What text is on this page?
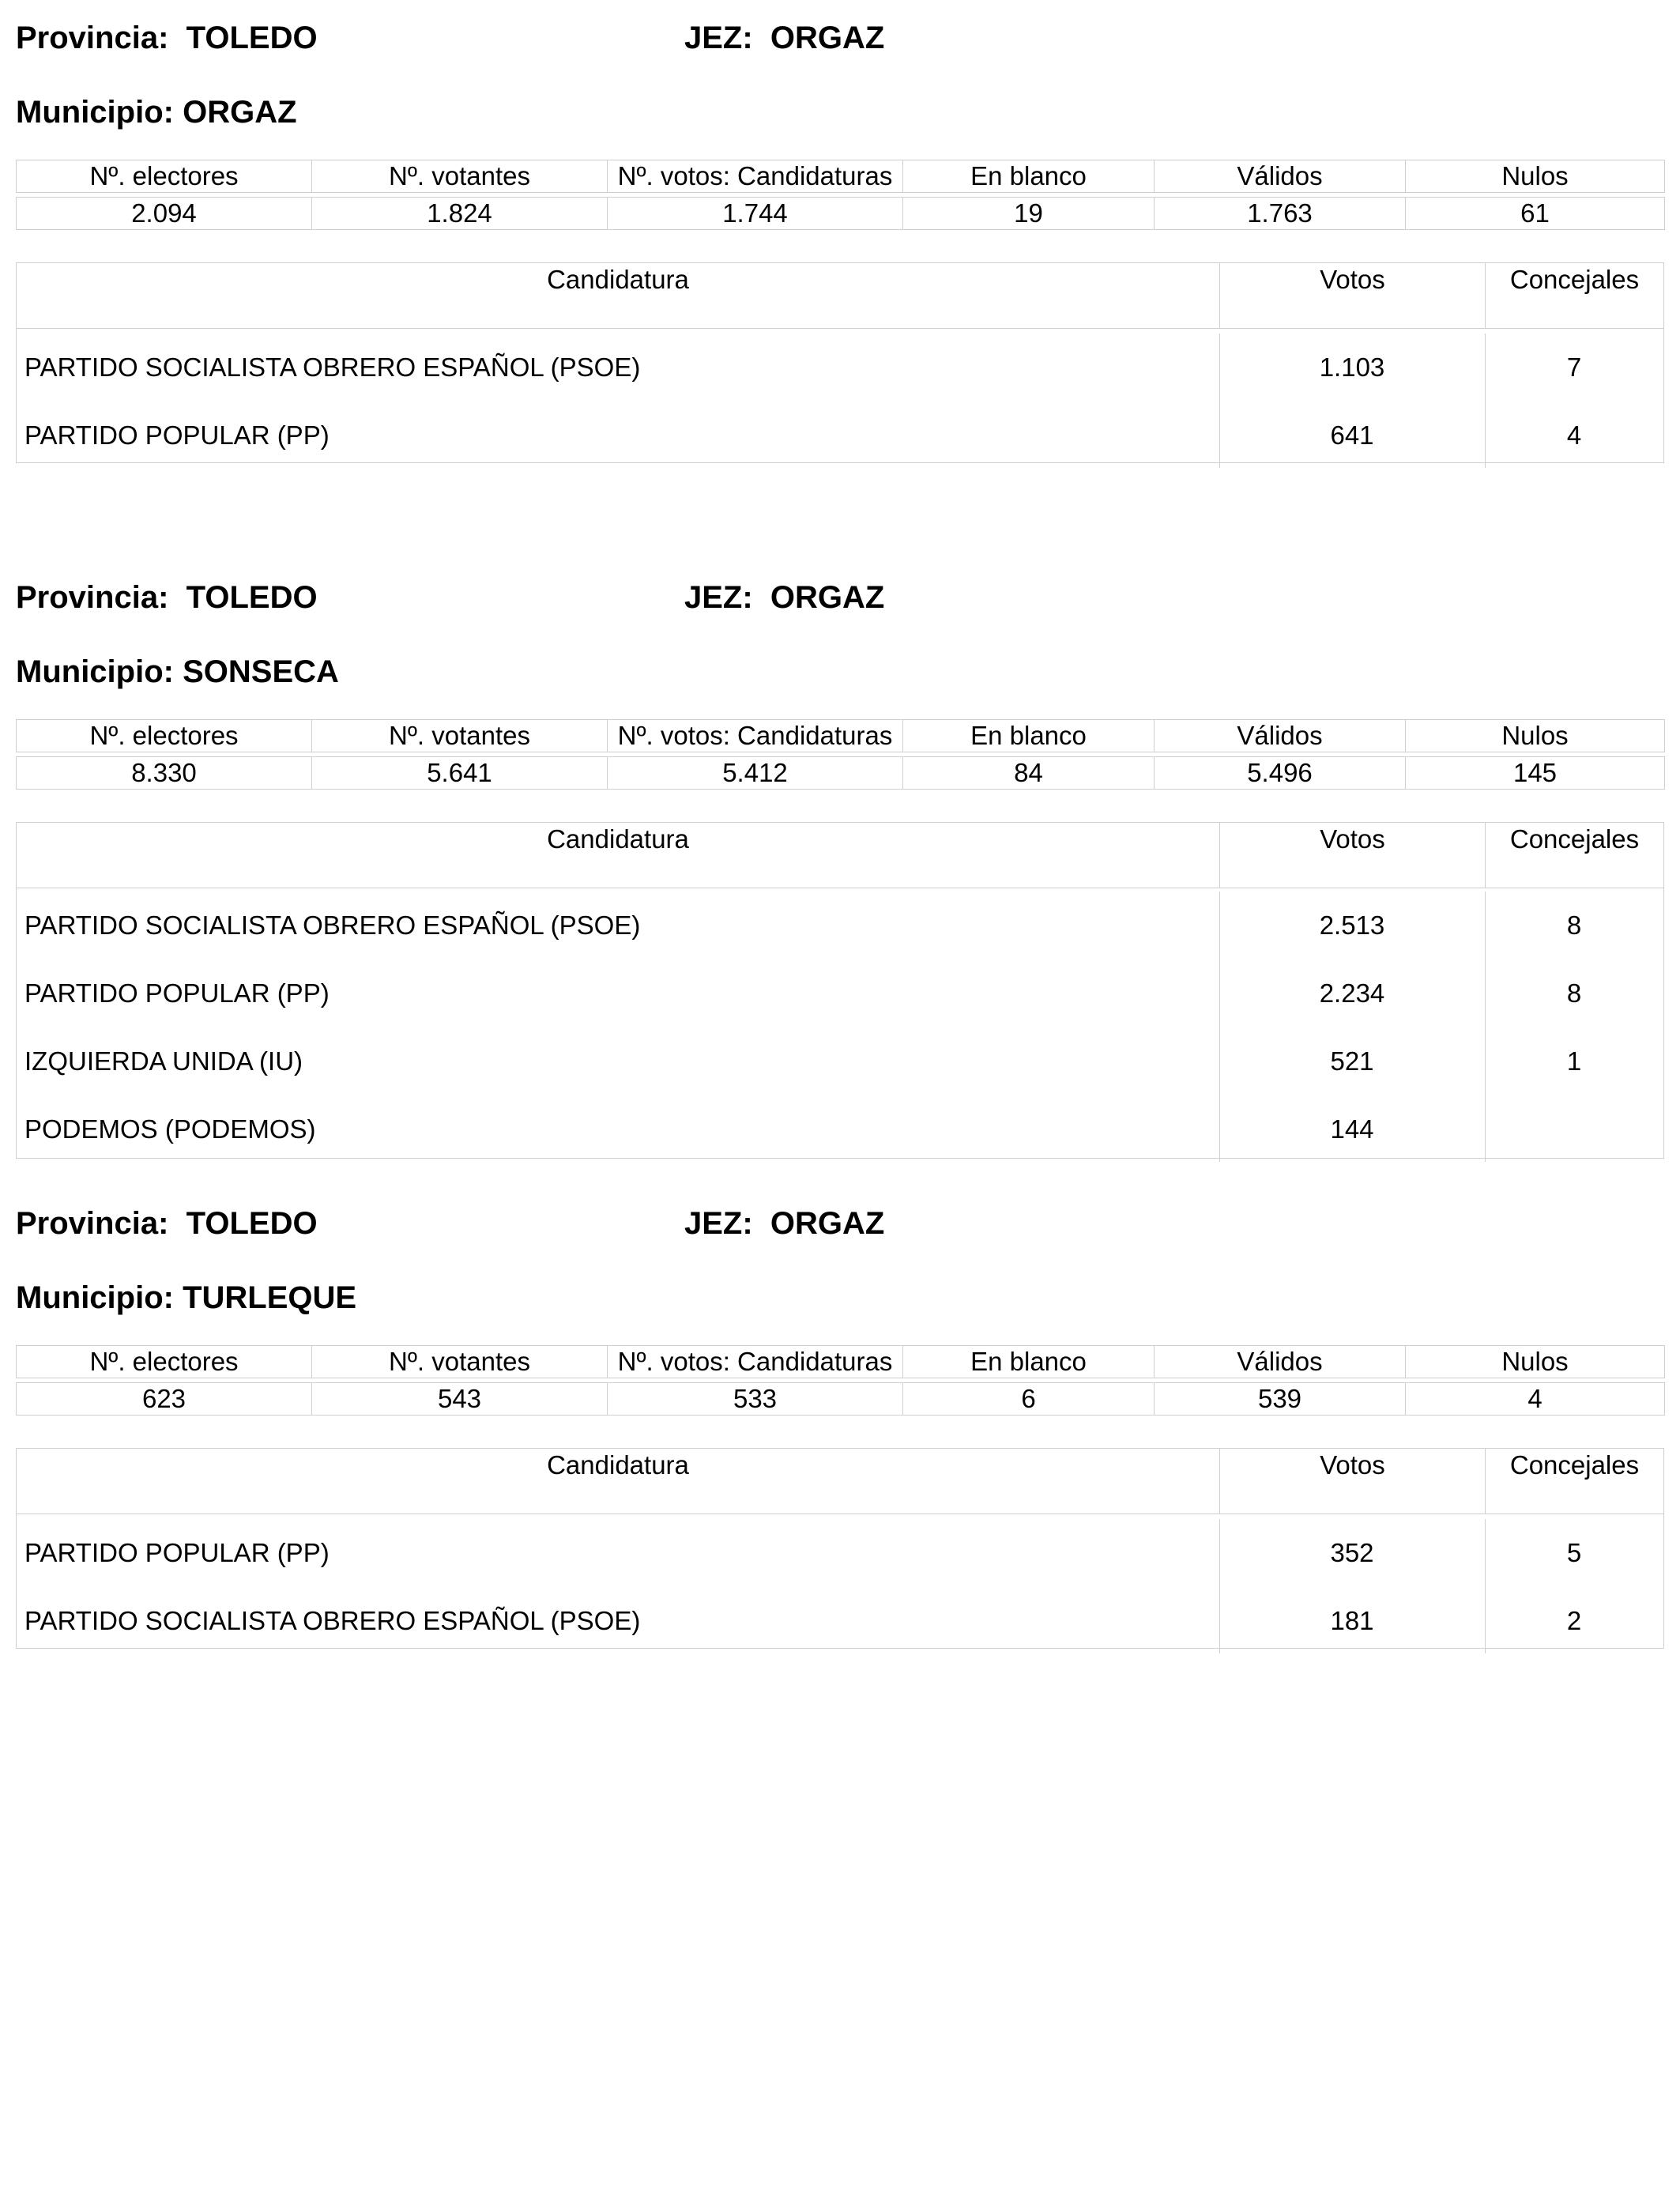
Provincia: TOLEDO	JEZ: ORGAZ
Municipio: ORGAZ
Nº. electores	Nº. votantes	Nº. votos: Candidaturas	En blanco	Válidos	Nulos

2.094	1.824	1.744	19	1.763	61
Candidatura	Votos	Concejales
PARTIDO SOCIALISTA OBRERO ESPAÑOL (PSOE)	1.103	7
PARTIDO POPULAR (PP)	641	4
Provincia: TOLEDO	JEZ: ORGAZ
Municipio: SONSECA
Nº. electores	Nº. votantes	Nº. votos: Candidaturas	En blanco	Válidos	Nulos

8.330	5.641	5.412	84	5.496	145
Candidatura	Votos	Concejales
PARTIDO SOCIALISTA OBRERO ESPAÑOL (PSOE)	2.513	8
PARTIDO POPULAR (PP)	2.234	8
IZQUIERDA UNIDA (IU)	521	1
PODEMOS (PODEMOS)	144
Provincia: TOLEDO	JEZ: ORGAZ
Municipio: TURLEQUE
Nº. electores	Nº. votantes	Nº. votos: Candidaturas	En blanco	Válidos	Nulos

623	543	533	6	539	4
Candidatura	Votos	Concejales
PARTIDO POPULAR (PP)	352	5
PARTIDO SOCIALISTA OBRERO ESPAÑOL (PSOE)	181	2
